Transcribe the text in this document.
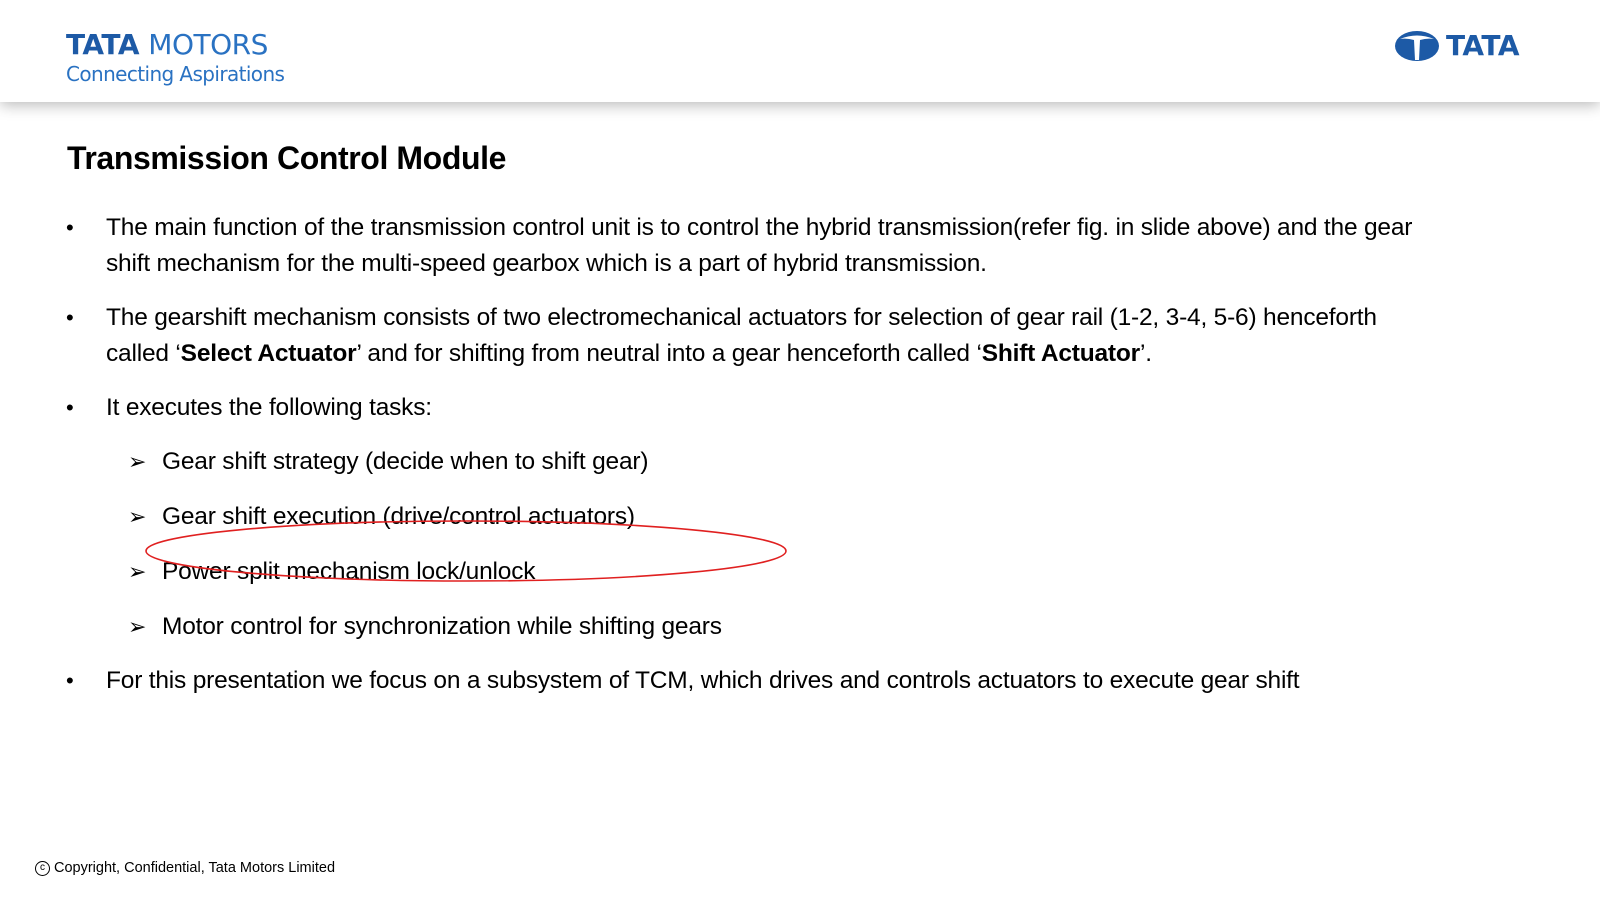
TATA MOTORS
Connecting Aspirations
TATA
Transmission Control Module
• The main function of the transmission control unit is to control the hybrid transmission(refer fig. in slide above) and the gear shift mechanism for the multi-speed gearbox which is a part of hybrid transmission.
• The gearshift mechanism consists of two electromechanical actuators for selection of gear rail (1-2, 3-4, 5-6) henceforth called ‘Select Actuator’ and for shifting from neutral into a gear henceforth called ‘Shift Actuator’.
• It executes the following tasks:
➢ Gear shift strategy (decide when to shift gear)
➢ Gear shift execution (drive/control actuators)
➢ Power split mechanism lock/unlock
➢ Motor control for synchronization while shifting gears
• For this presentation we focus on a subsystem of TCM, which drives and controls actuators to execute gear shift
c Copyright, Confidential, Tata Motors Limited
